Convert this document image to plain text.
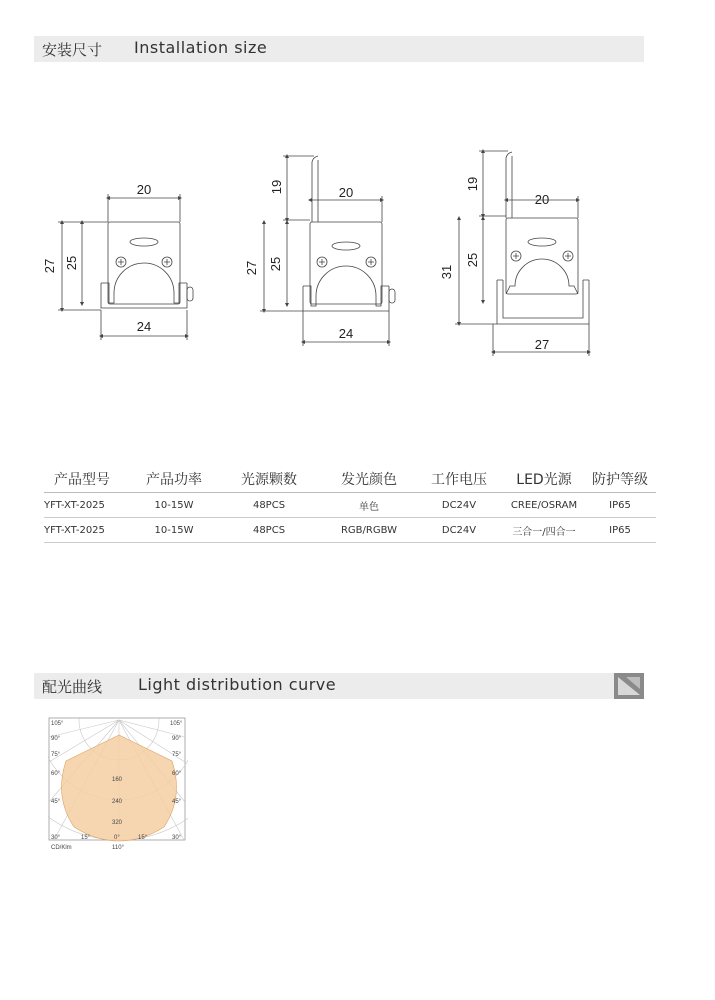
安装尺寸 Installation size
20
27 25
24
20
19
27 25
24
20
19
31
25
27
产品型号	产品功率	光源颗数	发光颜色	工作电压	LED光源	防护等级
YFT-XT-2025	10-15W	48PCS	单色	DC24V	CREE/OSRAM	IP65
YFT-XT-2025	10-15W	48PCS	RGB/RGBW	DC24V	三合一/四合一	IP65
配光曲线 Light distribution curve
105°
90°
75°
60°
45°
30°
105°
90°
75°
60°
45°
30°
15°	0°	15°
160
240
320
CD/Klm	110°
